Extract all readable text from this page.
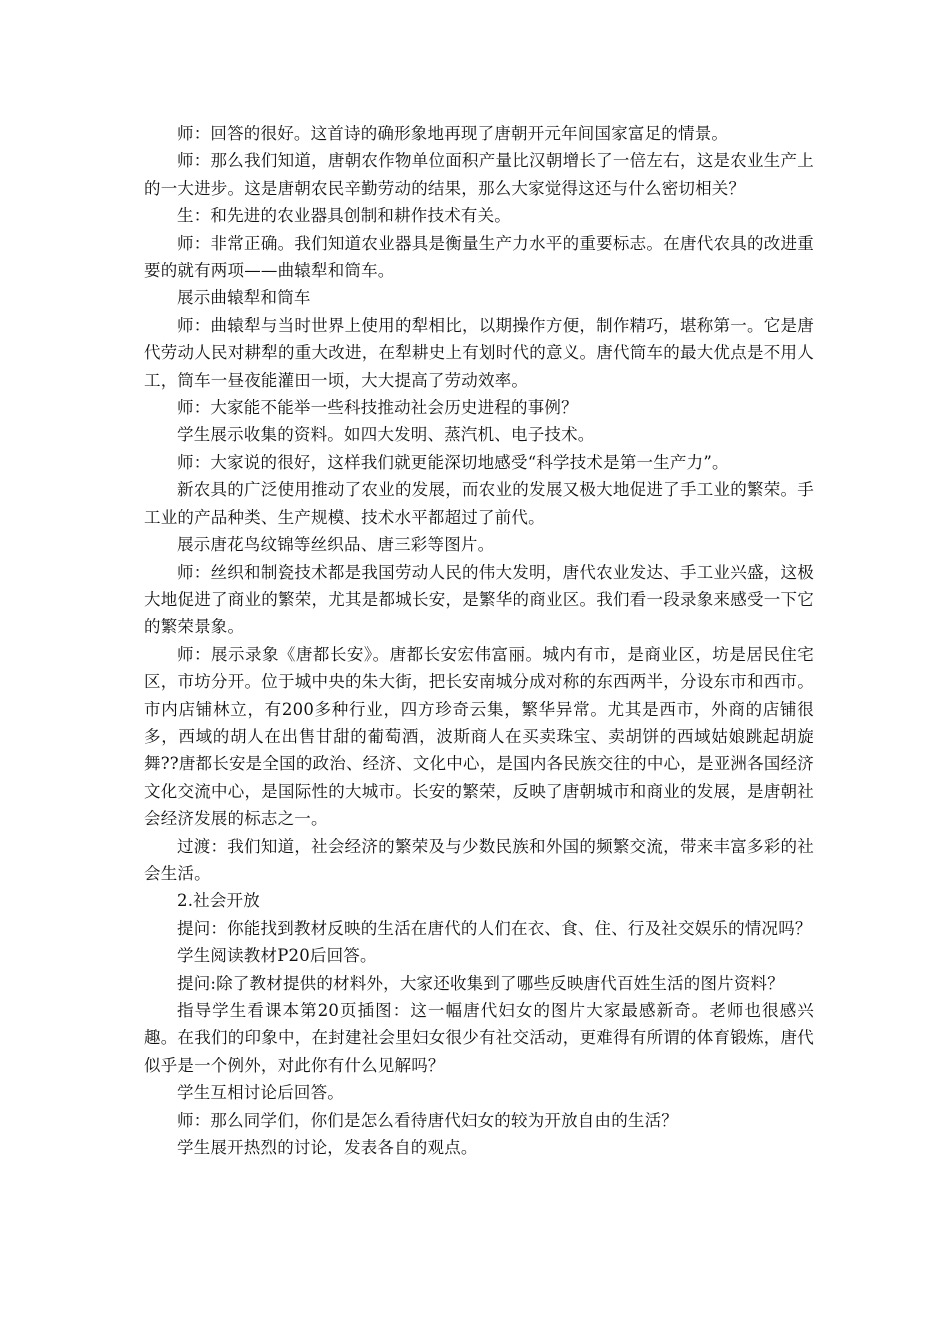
师：回答的很好。这首诗的确形象地再现了唐朝开元年间国家富足的情景。

师：那么我们知道，唐朝农作物单位面积产量比汉朝增长了一倍左右，这是农业生产上的一大进步。这是唐朝农民辛勤劳动的结果，那么大家觉得这还与什么密切相关？

生：和先进的农业器具创制和耕作技术有关。

师：非常正确。我们知道农业器具是衡量生产力水平的重要标志。在唐代农具的改进重要的就有两项——曲辕犁和筒车。

展示曲辕犁和筒车

师：曲辕犁与当时世界上使用的犁相比，以期操作方便，制作精巧，堪称第一。它是唐代劳动人民对耕犁的重大改进，在犁耕史上有划时代的意义。唐代筒车的最大优点是不用人工，筒车一昼夜能灌田一顷，大大提高了劳动效率。

师：大家能不能举一些科技推动社会历史进程的事例？

学生展示收集的资料。如四大发明、蒸汽机、电子技术。

师：大家说的很好，这样我们就更能深切地感受“科学技术是第一生产力”。

新农具的广泛使用推动了农业的发展，而农业的发展又极大地促进了手工业的繁荣。手工业的产品种类、生产规模、技术水平都超过了前代。

展示唐花鸟纹锦等丝织品、唐三彩等图片。

师：丝织和制瓷技术都是我国劳动人民的伟大发明，唐代农业发达、手工业兴盛，这极大地促进了商业的繁荣，尤其是都城长安，是繁华的商业区。我们看一段录象来感受一下它的繁荣景象。

师：展示录象《唐都长安》。唐都长安宏伟富丽。城内有市，是商业区，坊是居民住宅区，市坊分开。位于城中央的朱大街，把长安南城分成对称的东西两半，分设东市和西市。市内店铺林立，有200多种行业，四方珍奇云集，繁华异常。尤其是西市，外商的店铺很多，西域的胡人在出售甘甜的葡萄酒，波斯商人在买卖珠宝、卖胡饼的西域姑娘跳起胡旋舞??唐都长安是全国的政治、经济、文化中心，是国内各民族交往的中心，是亚洲各国经济文化交流中心，是国际性的大城市。长安的繁荣，反映了唐朝城市和商业的发展，是唐朝社会经济发展的标志之一。

过渡：我们知道，社会经济的繁荣及与少数民族和外国的频繁交流，带来丰富多彩的社会生活。

2.社会开放

提问：你能找到教材反映的生活在唐代的人们在衣、食、住、行及社交娱乐的情况吗？

学生阅读教材P20后回答。

提问:除了教材提供的材料外，大家还收集到了哪些反映唐代百姓生活的图片资料？

指导学生看课本第20页插图：这一幅唐代妇女的图片大家最感新奇。老师也很感兴趣。在我们的印象中，在封建社会里妇女很少有社交活动，更难得有所谓的体育锻炼，唐代似乎是一个例外，对此你有什么见解吗？

学生互相讨论后回答。

师：那么同学们，你们是怎么看待唐代妇女的较为开放自由的生活？

学生展开热烈的讨论，发表各自的观点。
